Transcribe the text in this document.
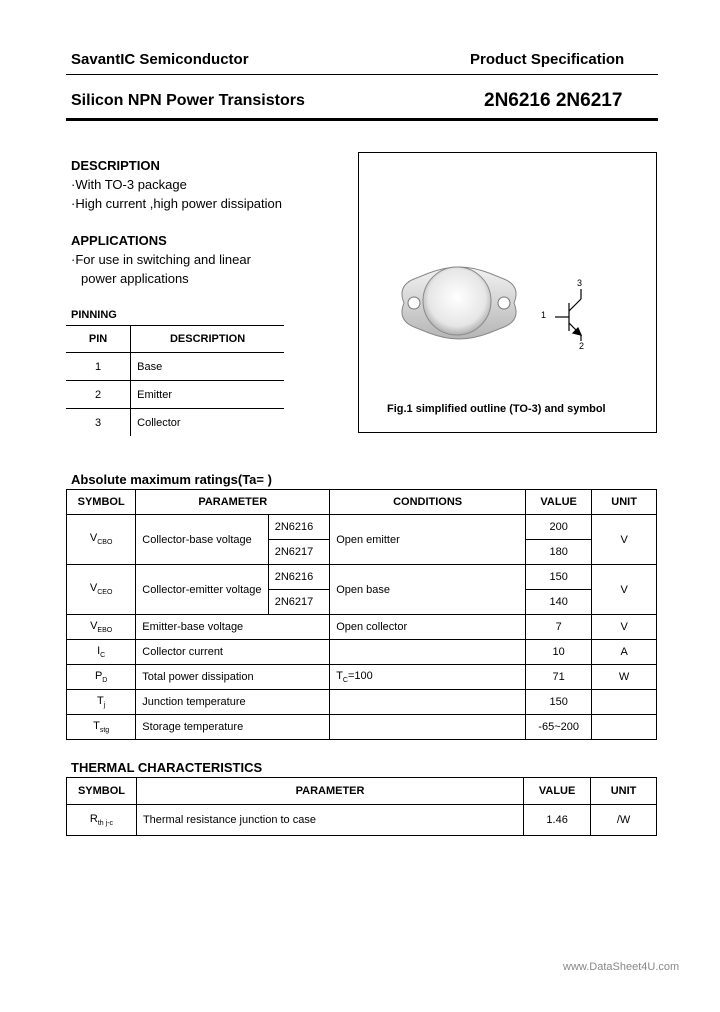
SavantIC Semiconductor	Product Specification
Silicon NPN Power Transistors	2N6216 2N6217
DESCRIPTION
·With TO-3 package
·High current ,high power dissipation
APPLICATIONS
·For use in switching and linear
power applications
PINNING
PIN	DESCRIPTION
1	Base
2	Emitter
3	Collector
3
1
2
Fig.1 simplified outline (TO-3) and symbol
Absolute maximum ratings(Ta= )
SYMBOL	PARAMETER		CONDITIONS	VALUE	UNIT
$V_{CBO}$	Collector-base voltage	2N6216	Open emitter	200	V
		2N6217		180	
$V_{CEO}$	Collector-emitter voltage	2N6216	Open base	150	V
		2N6217		140	
$V_{EBO}$	Emitter-base voltage		Open collector	7	V
$I_C$	Collector current			10	A
$P_D$	Total power dissipation		$T_C=100$	71	W
$T_j$	Junction temperature			150	
$T_{stg}$	Storage temperature			-65~200	
THERMAL CHARACTERISTICS
SYMBOL	PARAMETER	VALUE	UNIT
$R_{th j-c}$	Thermal resistance junction to case	1.46	/W
www.DataSheet4U.com
